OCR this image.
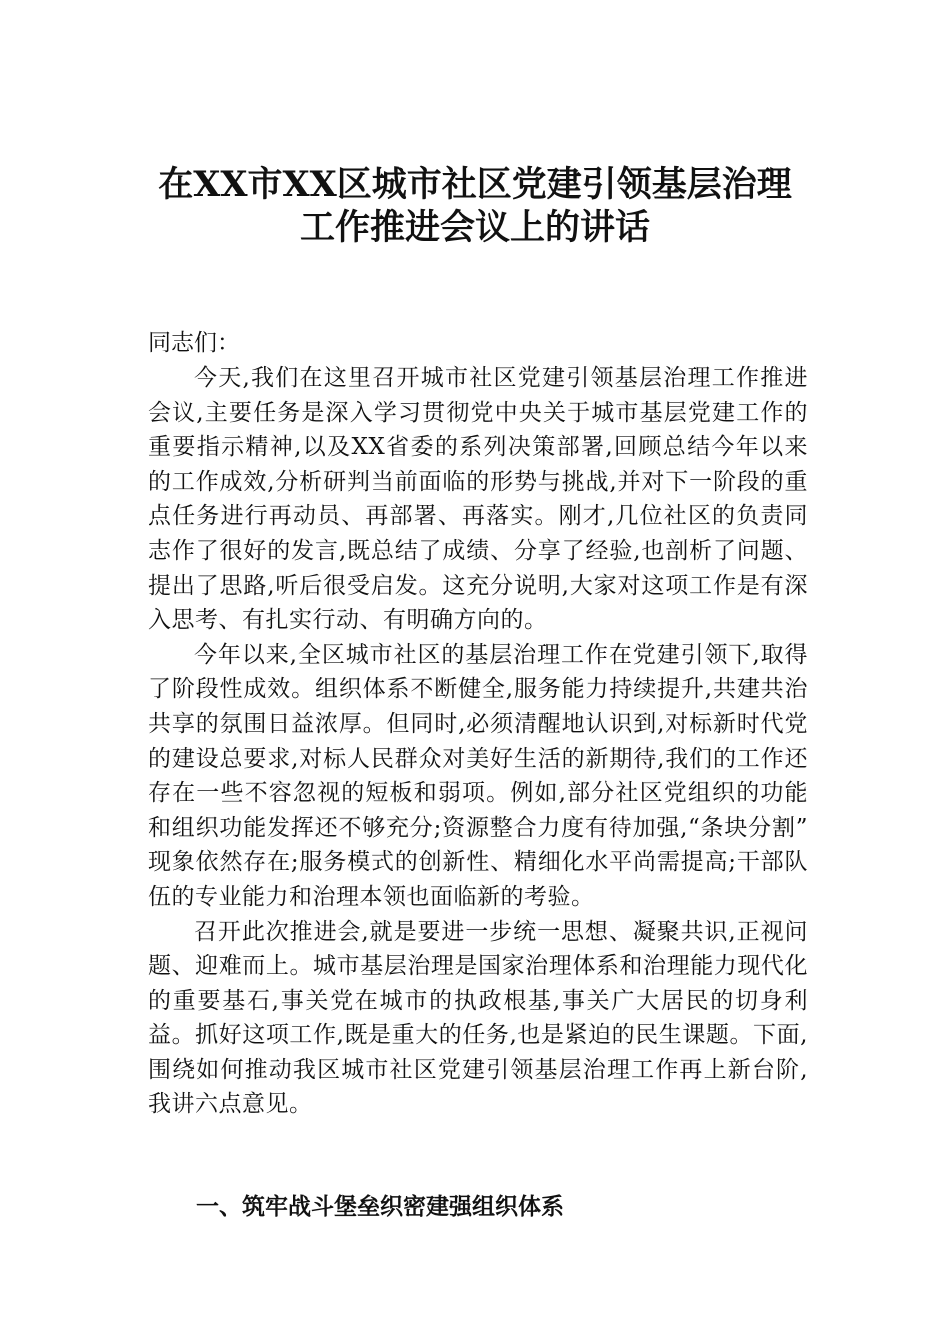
在XX市XX区城市社区党建引领基层治理
工作推进会议上的讲话
同志们：

今天,我们在这里召开城市社区党建引领基层治理工作推进会议,主要任务是深入学习贯彻党中央关于城市基层党建工作的重要指示精神,以及XX省委的系列决策部署,回顾总结今年以来的工作成效,分析研判当前面临的形势与挑战,并对下一阶段的重点任务进行再动员、再部署、再落实。刚才,几位社区的负责同志作了很好的发言,既总结了成绩、分享了经验,也剖析了问题、提出了思路,听后很受启发。这充分说明,大家对这项工作是有深入思考、有扎实行动、有明确方向的。

今年以来,全区城市社区的基层治理工作在党建引领下,取得了阶段性成效。组织体系不断健全,服务能力持续提升,共建共治共享的氛围日益浓厚。但同时,必须清醒地认识到,对标新时代党的建设总要求,对标人民群众对美好生活的新期待,我们的工作还存在一些不容忽视的短板和弱项。例如,部分社区党组织的功能和组织功能发挥还不够充分;资源整合力度有待加强,“条块分割” 现象依然存在;服务模式的创新性、精细化水平尚需提高;干部队伍的专业能力和治理本领也面临新的考验。

召开此次推进会,就是要进一步统一思想、凝聚共识,正视问题、迎难而上。城市基层治理是国家治理体系和治理能力现代化的重要基石,事关党在城市的执政根基,事关广大居民的切身利益。抓好这项工作,既是重大的任务,也是紧迫的民生课题。下面,围绕如何推动我区城市社区党建引领基层治理工作再上新台阶,我讲六点意见。

一、筑牢战斗堡垒织密建强组织体系
